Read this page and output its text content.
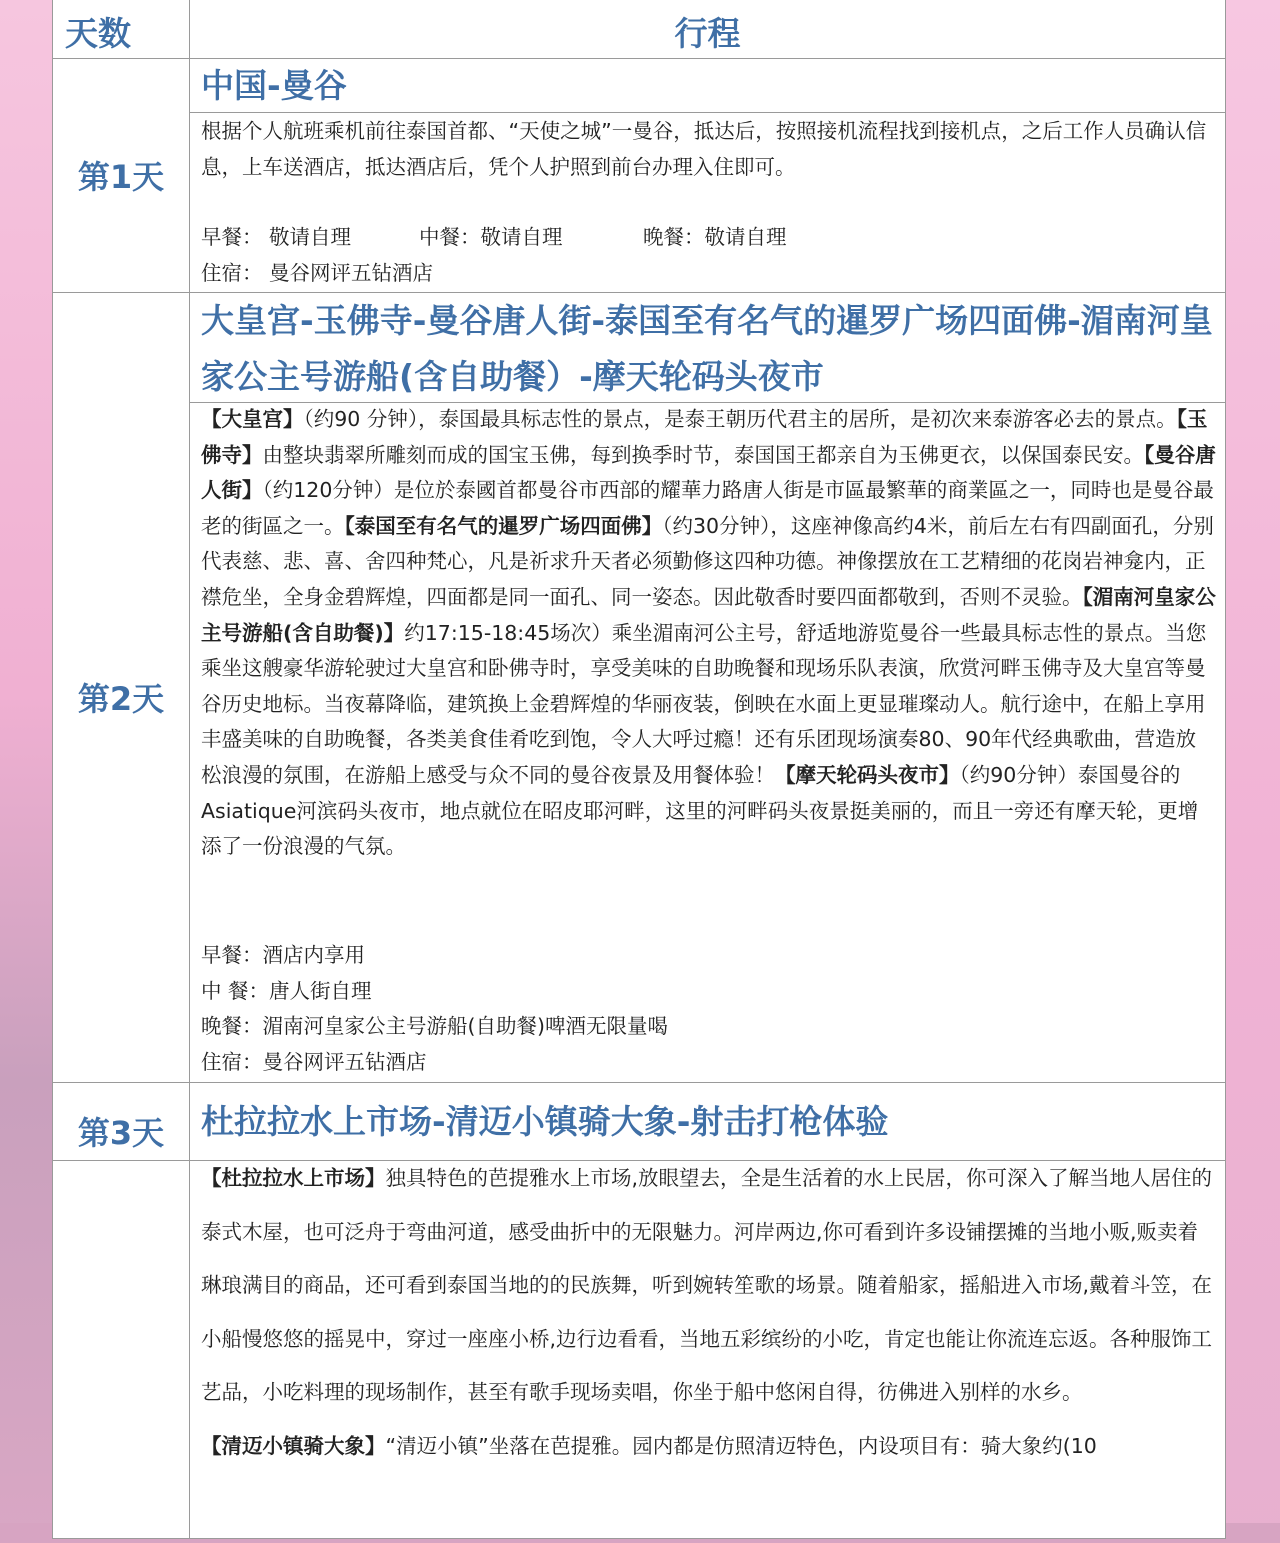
天数	行程
第1天
中国-曼谷
根据个人航班乘机前往泰国首都、“天使之城”一曼谷，抵达后，按照接机流程找到接机点，之后工作人员确认信息，上车送酒店，抵达酒店后，凭个人护照到前台办理入住即可。
早餐： 敬请自理	中餐：敬请自理	晚餐：敬请自理
住宿： 曼谷网评五钻酒店
第2天
大皇宫-玉佛寺-曼谷唐人街-泰国至有名气的暹罗广场四面佛-湄南河皇家公主号游船(含自助餐）-摩天轮码头夜市
【大皇宫】（约90 分钟），泰国最具标志性的景点，是泰王朝历代君主的居所，是初次来泰游客必去的景点。【玉佛寺】由整块翡翠所雕刻而成的国宝玉佛，每到换季时节，泰国国王都亲自为玉佛更衣，以保国泰民安。【曼谷唐人街】（约120分钟）是位於泰國首都曼谷市西部的耀華力路唐人街是市區最繁華的商業區之一，同時也是曼谷最老的街區之一。【泰国至有名气的暹罗广场四面佛】（约30分钟），这座神像高约4米，前后左右有四副面孔，分别代表慈、悲、喜、舍四种梵心，凡是祈求升天者必须勤修这四种功德。神像摆放在工艺精细的花岗岩神龛内，正襟危坐，全身金碧辉煌，四面都是同一面孔、同一姿态。因此敬香时要四面都敬到，否则不灵验。【湄南河皇家公主号游船(含自助餐)】约17:15-18:45场次）乘坐湄南河公主号，舒适地游览曼谷一些最具标志性的景点。当您乘坐这艘豪华游轮驶过大皇宫和卧佛寺时，享受美味的自助晚餐和现场乐队表演，欣赏河畔玉佛寺及大皇宫等曼谷历史地标。当夜幕降临，建筑换上金碧辉煌的华丽夜装，倒映在水面上更显璀璨动人。航行途中，在船上享用丰盛美味的自助晚餐，各类美食佳肴吃到饱，令人大呼过瘾！还有乐团现场演奏80、90年代经典歌曲，营造放松浪漫的氛围，在游船上感受与众不同的曼谷夜景及用餐体验！【摩天轮码头夜市】（约90分钟）泰国曼谷的Asiatique河滨码头夜市，地点就位在昭皮耶河畔，这里的河畔码头夜景挺美丽的，而且一旁还有摩天轮，更增添了一份浪漫的气氛。
早餐：酒店内享用
中 餐：唐人街自理
晚餐：湄南河皇家公主号游船(自助餐)啤酒无限量喝
住宿：曼谷网评五钻酒店
第3天	杜拉拉水上市场-清迈小镇骑大象-射击打枪体验

【杜拉拉水上市场】独具特色的芭提雅水上市场,放眼望去，全是生活着的水上民居，你可深入了解当地人居住的泰式木屋，也可泛舟于弯曲河道，感受曲折中的无限魅力。河岸两边,你可看到许多设铺摆摊的当地小贩,贩卖着琳琅满目的商品，还可看到泰国当地的的民族舞，听到婉转笙歌的场景。随着船家，摇船进入市场,戴着斗笠，在小船慢悠悠的摇晃中，穿过一座座小桥,边行边看看，当地五彩缤纷的小吃，肯定也能让你流连忘返。各种服饰工艺品，小吃料理的现场制作，甚至有歌手现场卖唱，你坐于船中悠闲自得，彷佛进入别样的水乡。

【清迈小镇骑大象】“清迈小镇”坐落在芭提雅。园内都是仿照清迈特色，内设项目有：骑大象约(10
